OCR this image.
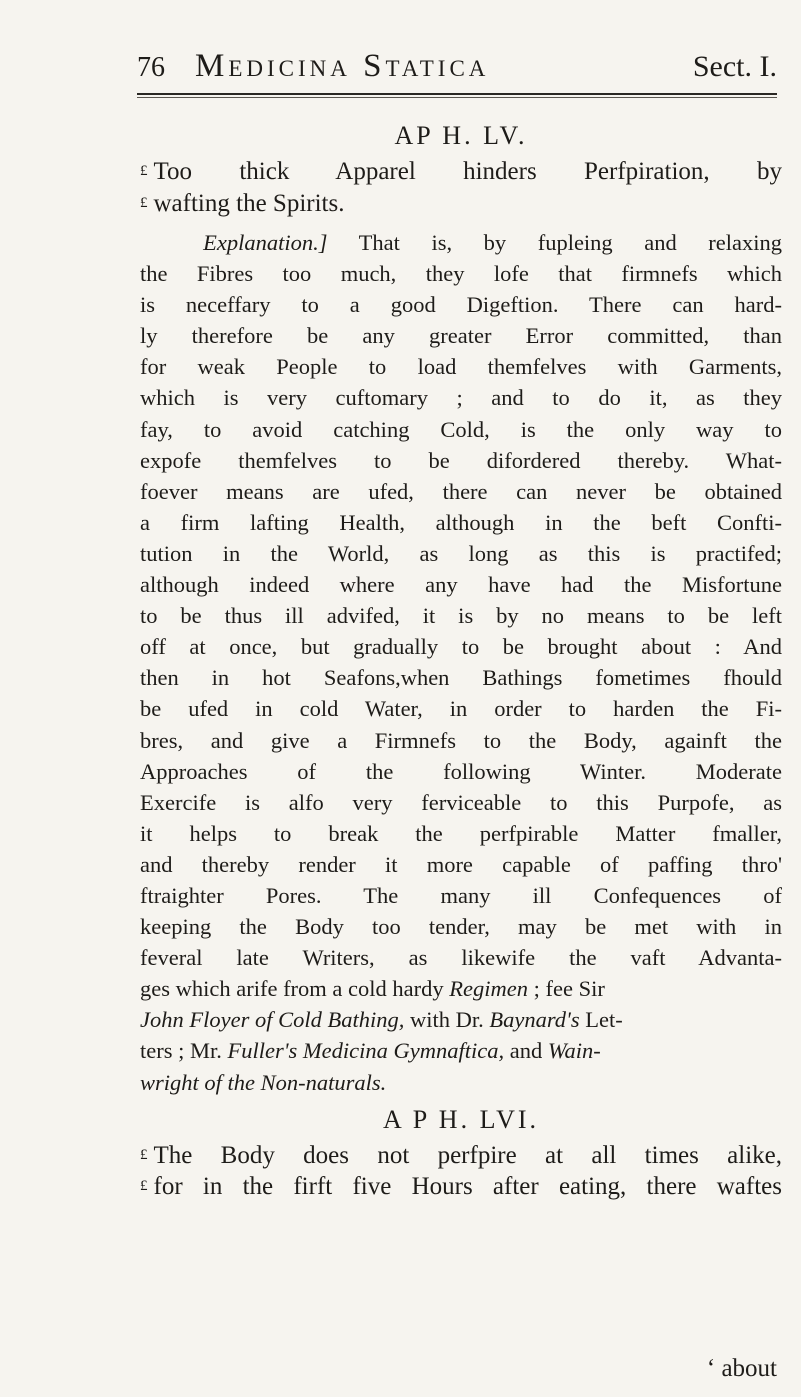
76 Medicina Statica	Sect. I.
AP H. LV.

£ Too thick Apparel hinders Perfpiration, by
£ wafting the Spirits.

Explanation.] That is, by fupleing and relaxing
the Fibres too much, they lofe that firmnefs which
is neceffary to a good Digeftion. There can hard-
ly therefore be any greater Error committed, than
for weak People to load themfelves with Garments,
which is very cuftomary ; and to do it, as they
fay, to avoid catching Cold, is the only way to
expofe themfelves to be difordered thereby. What-
foever means are ufed, there can never be obtained
a firm lafting Health, although in the beft Confti-
tution in the World, as long as this is practifed;
although indeed where any have had the Misfortune
to be thus ill advifed, it is by no means to be left
off at once, but gradually to be brought about : And
then in hot Seafons,when Bathings fometimes fhould
be ufed in cold Water, in order to harden the Fi-
bres, and give a Firmnefs to the Body, againft the
Approaches of the following Winter. Moderate
Exercife is alfo very ferviceable to this Purpofe, as
it helps to break the perfpirable Matter fmaller,
and thereby render it more capable of paffing thro'
ftraighter Pores. The many ill Confequences of
keeping the Body too tender, may be met with in
feveral late Writers, as likewife the vaft Advanta-
ges which arife from a cold hardy Regimen ; fee Sir
John Floyer of Cold Bathing, with Dr. Baynard's Let-
ters ; Mr. Fuller's Medicina Gymnaftica, and Wain-
wright of the Non-naturals.
A P H. LVI.

£ The Body does not perfpire at all times alike,
£ for in the firft five Hours after eating, there waftes

‘ about
